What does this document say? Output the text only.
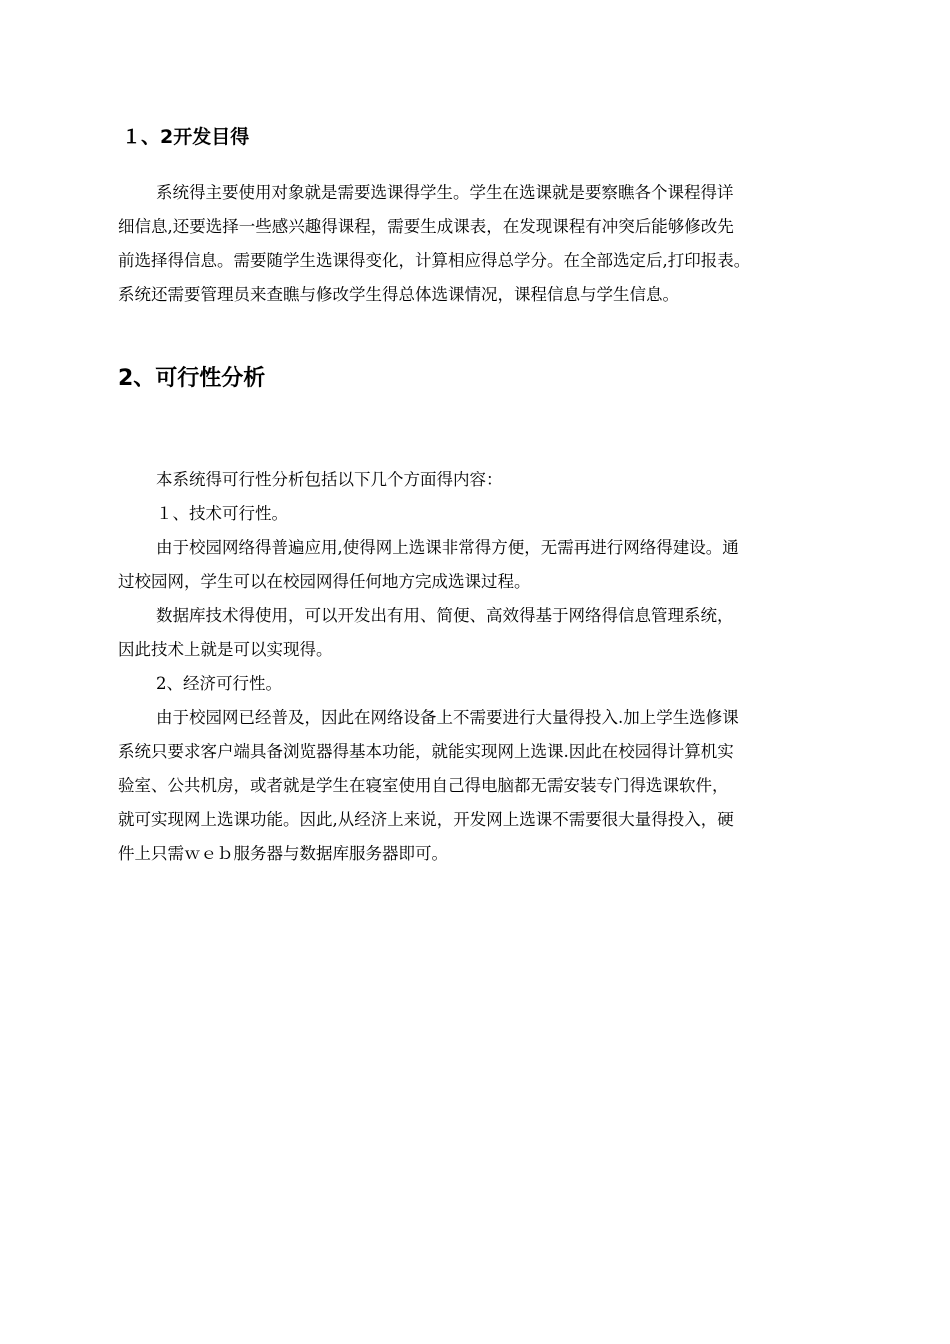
１、2开发目得
系统得主要使用对象就是需要选课得学生。学生在选课就是要察瞧各个课程得详
细信息,还要选择一些感兴趣得课程，需要生成课表，在发现课程有冲突后能够修改先
前选择得信息。需要随学生选课得变化，计算相应得总学分。在全部选定后,打印报表。
系统还需要管理员来查瞧与修改学生得总体选课情况，课程信息与学生信息。
2、可行性分析
本系统得可行性分析包括以下几个方面得内容：
１、技术可行性。
由于校园网络得普遍应用,使得网上选课非常得方便，无需再进行网络得建设。通
过校园网，学生可以在校园网得任何地方完成选课过程。
数据库技术得使用，可以开发出有用、简便、高效得基于网络得信息管理系统，
因此技术上就是可以实现得。
2、经济可行性。
由于校园网已经普及，因此在网络设备上不需要进行大量得投入.加上学生选修课
系统只要求客户端具备浏览器得基本功能，就能实现网上选课.因此在校园得计算机实
验室、公共机房，或者就是学生在寝室使用自己得电脑都无需安装专门得选课软件，
就可实现网上选课功能。因此,从经济上来说，开发网上选课不需要很大量得投入，硬
件上只需ｗｅｂ服务器与数据库服务器即可。
